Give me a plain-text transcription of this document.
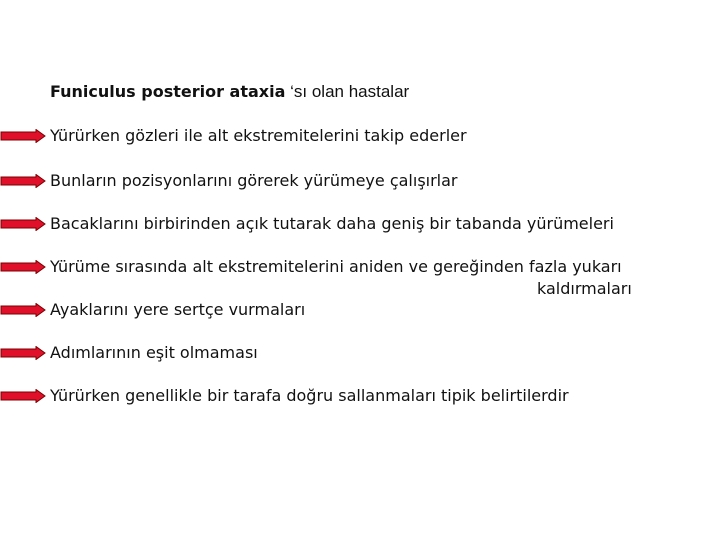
Funiculus posterior ataxia ‘sı olan hastalar
Yürürken gözleri ile alt ekstremitelerini takip ederler
Bunların pozisyonlarını görerek yürümeye çalışırlar
Bacaklarını birbirinden açık tutarak daha geniş bir tabanda yürümeleri
Yürüme sırasında alt ekstremitelerini aniden ve gereğinden fazla yukarı
kaldırmaları
Ayaklarını yere sertçe vurmaları
Adımlarının eşit olmaması
Yürürken genellikle bir tarafa doğru sallanmaları tipik belirtilerdir
